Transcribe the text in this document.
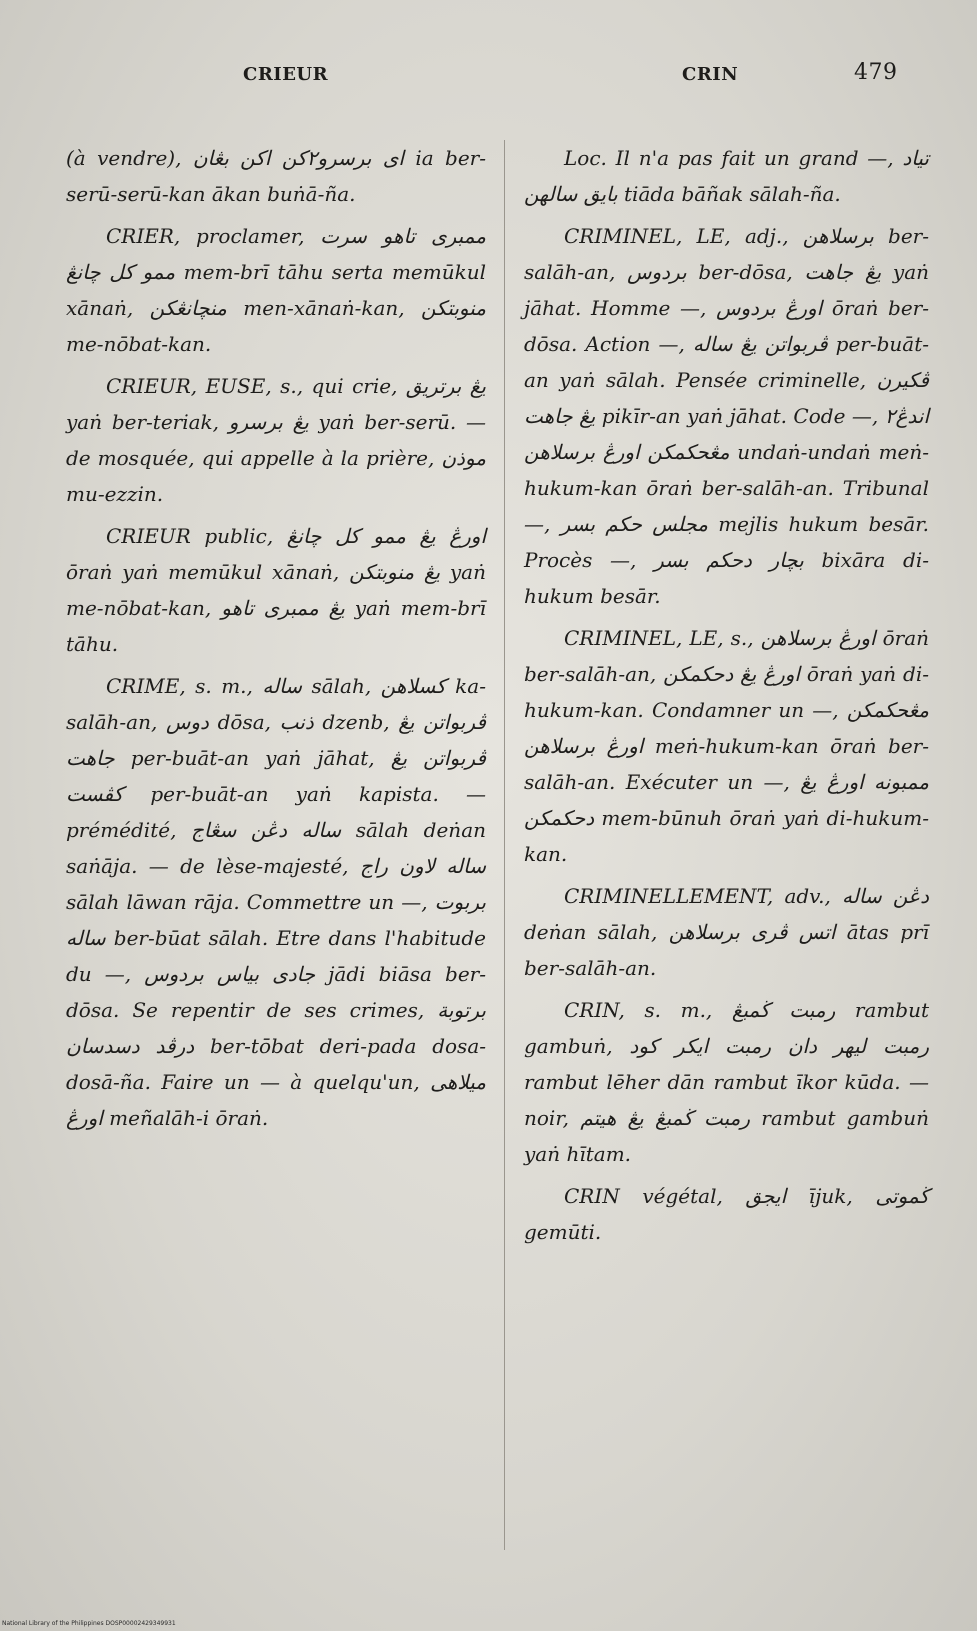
CRIEUR	CRIN	479

(à vendre), ای برسرو۲کن اکن بڠان ia ber-serū-serū-kan ākan buṅā-ña.

CRIER, proclamer, ممبری تاهو سرت ممو کل چانڠ mem-brī tāhu serta memūkul xānaṅ, منچانڠکن men-xānaṅ-kan, منوبتکن me-nōbat-kan.

CRIEUR, EUSE, s., qui crie, یڠ برتریق yaṅ ber-teriak, یڠ برسرو yaṅ ber-serū. — de mosquée, qui appelle à la prière, موذن mu-ezzin.

CRIEUR public, اورڠ یڠ ممو کل چانڠ ōraṅ yaṅ memūkul xānaṅ, یڠ منوبتکن yaṅ me-nōbat-kan, یڠ ممبری تاهو yaṅ mem-brī tāhu.

CRIME, s. m., ساله sālah, کسلاهن ka-salāh-an, دوس dōsa, ذنب dzenb, ڤربواتن یڠ جاهت per-buāt-an yaṅ jāhat, ڤربواتن یڠ کڤست per-buāt-an yaṅ kapista. — prémédité, ساله دڠن سڠاج sālah deṅan saṅāja. — de lèse-majesté, ساله لاون راج sālah lāwan rāja. Commettre un —, بربوت ساله ber-būat sālah. Etre dans l'habitude du —, جادی بیاس بردوس jādi biāsa ber-dōsa. Se repentir de ses crimes, برتوبة درڤد دسدسان ber-tōbat deri-pada dosa-dosā-ña. Faire un — à quelqu'un, میلاهی اورڠ meñalāh-i ōraṅ.

Loc. Il n'a pas fait un grand —, تیاد بایق سالهن tiāda bāñak sālah-ña.

CRIMINEL, LE, adj., برسلاهن ber-salāh-an, بردوس ber-dōsa, یڠ جاهت yaṅ jāhat. Homme —, اورڠ بردوس ōraṅ ber-dōsa. Action —, ڤربواتن یڠ ساله per-buāt-an yaṅ sālah. Pensée criminelle, ڤکیرن یڠ جاهت pikīr-an yaṅ jāhat. Code —, اندڠ۲ مڠحکمکن اورڠ برسلاهن undaṅ-undaṅ meṅ-hukum-kan ōraṅ ber-salāh-an. Tribunal —, مجلس حکم بسر mejlis hukum besār. Procès —, بچار دحکم بسر bixāra di-hukum besār.

CRIMINEL, LE, s., اورڠ برسلاهن ōraṅ ber-salāh-an, اورڠ یڠ دحکمکن ōraṅ yaṅ di-hukum-kan. Condamner un —, مڠحکمکن اورڠ برسلاهن meṅ-hukum-kan ōraṅ ber-salāh-an. Exécuter un —, ممبونه اورڠ یڠ دحکمکن mem-būnuh ōraṅ yaṅ di-hukum-kan.

CRIMINELLEMENT, adv., دڠن ساله deṅan sālah, اتس ڤری برسلاهن ātas prī ber-salāh-an.

CRIN, s. m., رمبت ڬمبڠ rambut gambuṅ, رمبت لیهر دان رمبت ایکر کود rambut lēher dān rambut īkor kūda. — noir, رمبت ڬمبڠ یڠ هیتم rambut gambuṅ yaṅ hītam.

CRIN végétal, ایجق ījuk, ڬموتی gemūti.

National Library of the Philippines DOSP00002429349931
